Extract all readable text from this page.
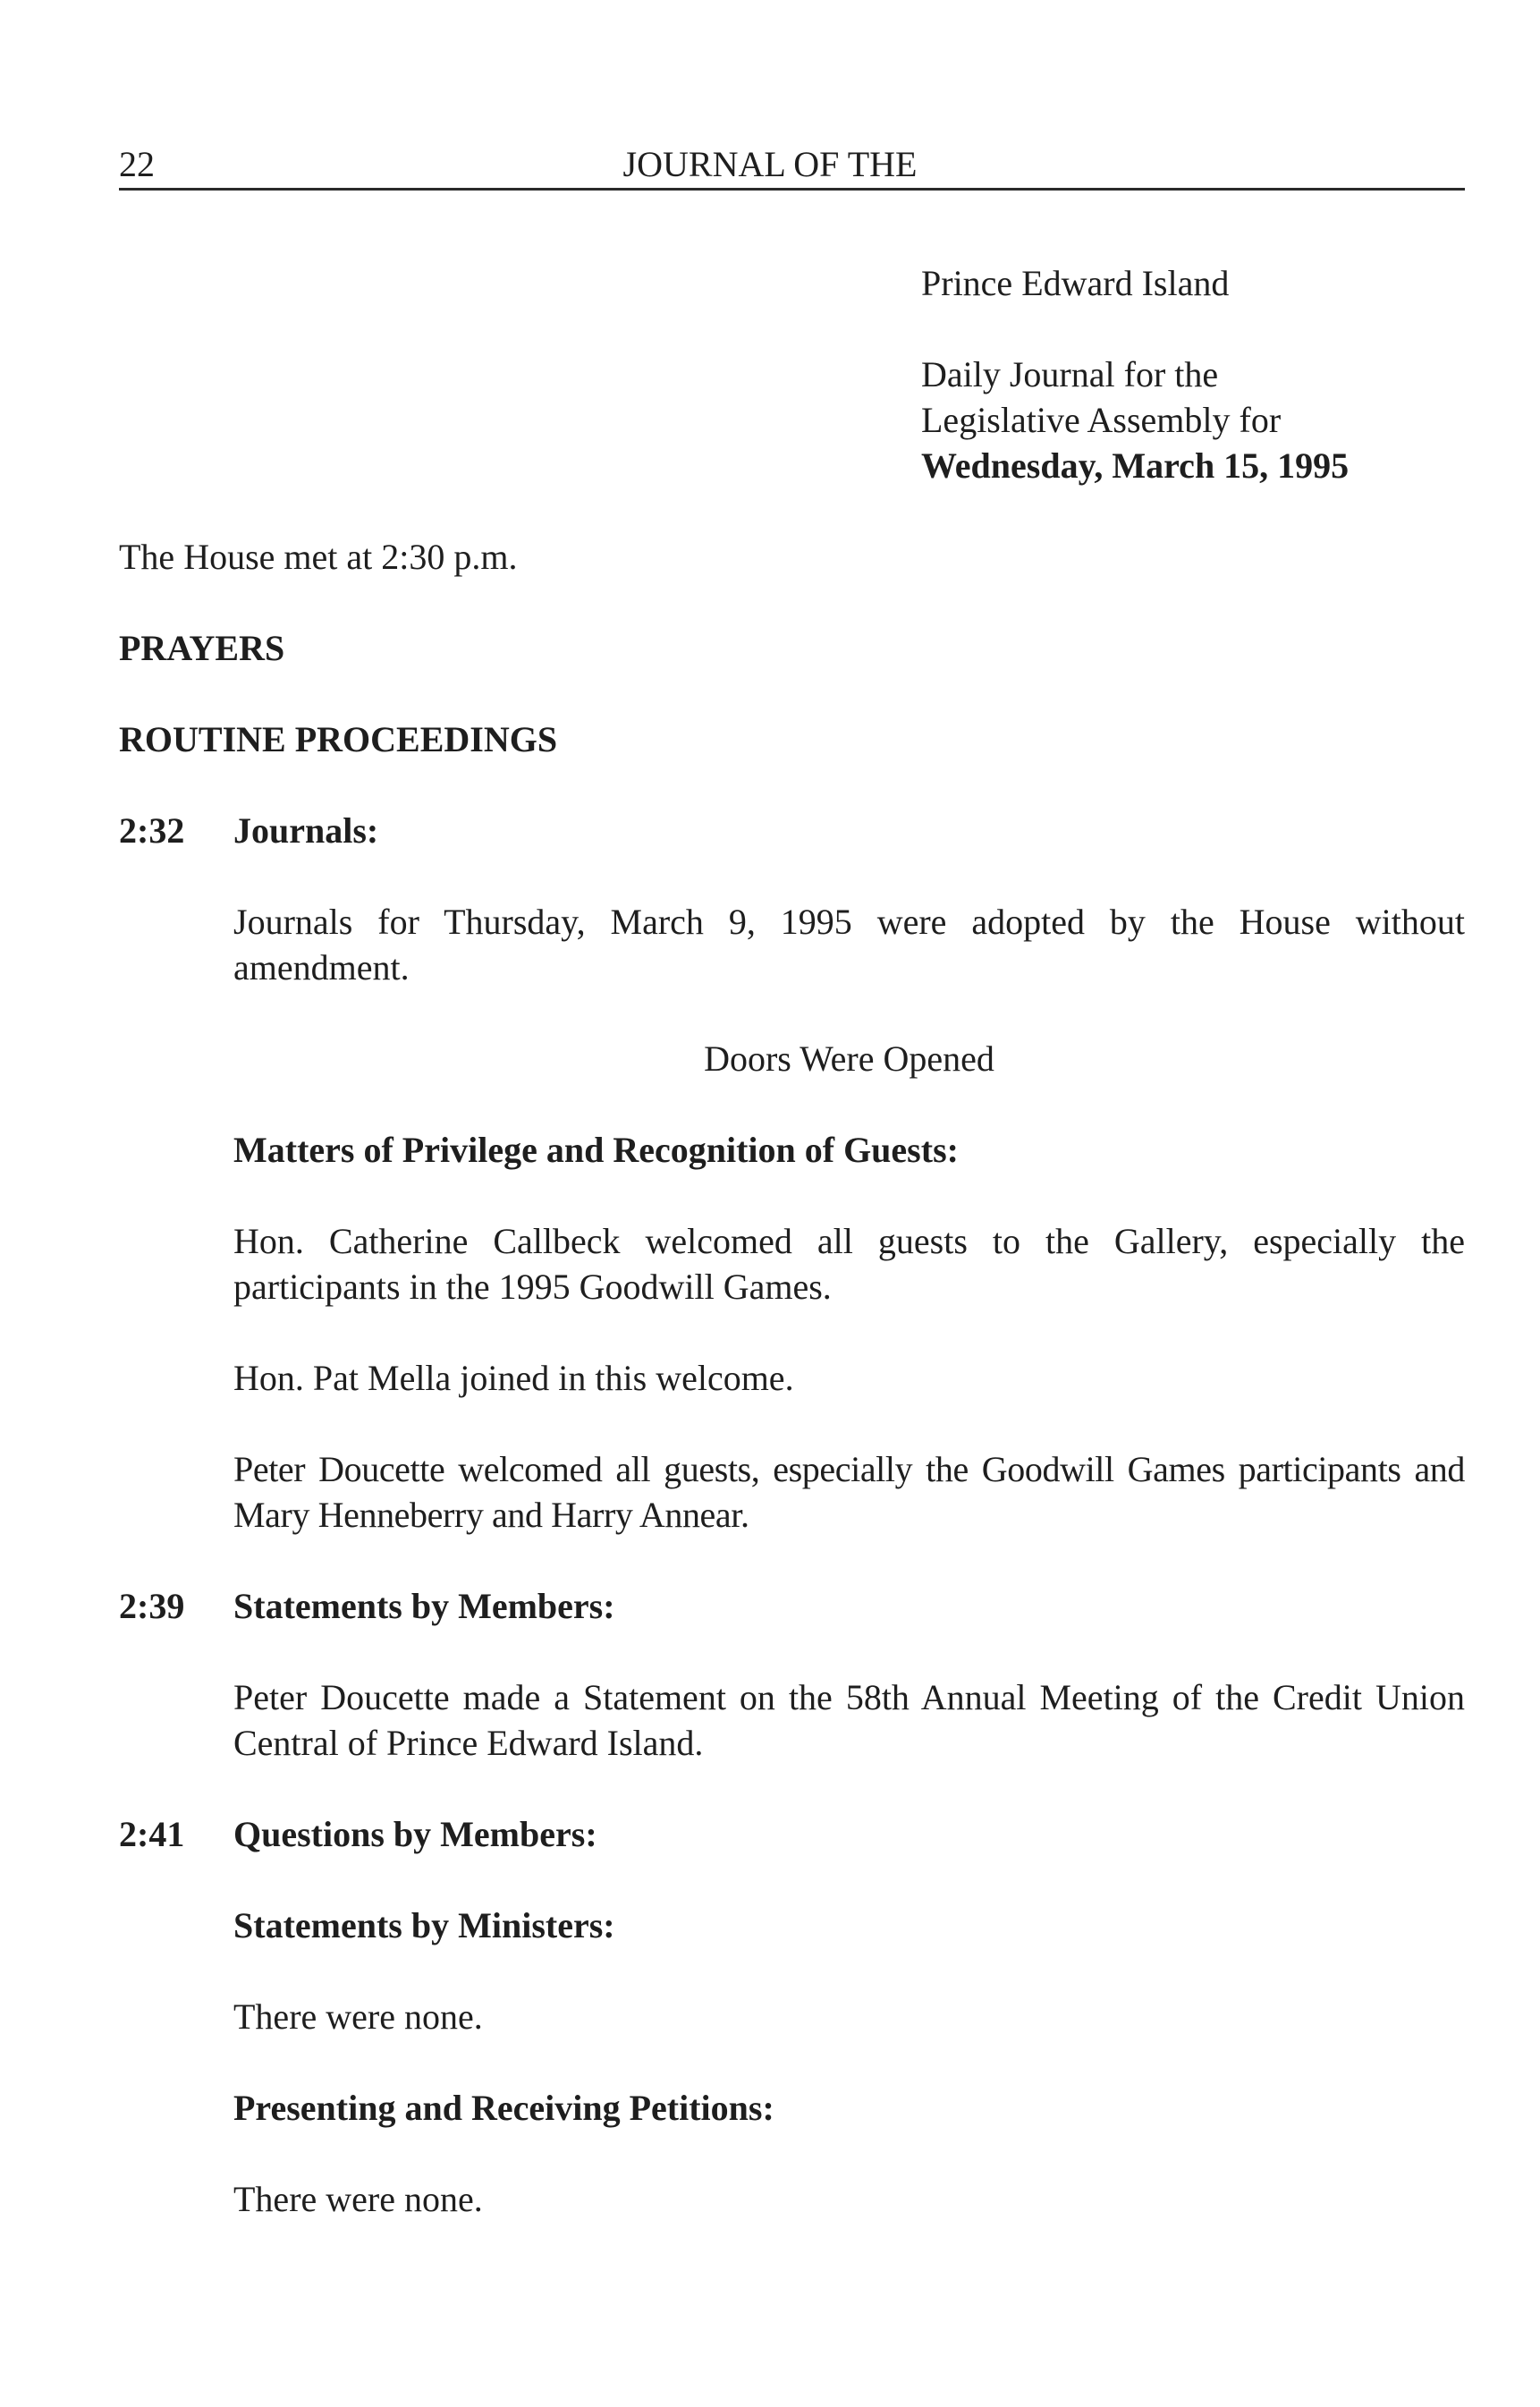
22	JOURNAL OF THE
Prince Edward Island
Daily Journal for the
Legislative Assembly for
Wednesday, March 15, 1995
The House met at 2:30 p.m.
PRAYERS
ROUTINE PROCEEDINGS
2:32 Journals:
Journals for Thursday, March 9, 1995 were adopted by the House without amendment.
Doors Were Opened
Matters of Privilege and Recognition of Guests:
Hon. Catherine Callbeck welcomed all guests to the Gallery, especially the participants in the 1995 Goodwill Games.
Hon. Pat Mella joined in this welcome.
Peter Doucette welcomed all guests, especially the Goodwill Games participants and Mary Henneberry and Harry Annear.
2:39 Statements by Members:
Peter Doucette made a Statement on the 58th Annual Meeting of the Credit Union Central of Prince Edward Island.
2:41 Questions by Members:
Statements by Ministers:
There were none.
Presenting and Receiving Petitions:
There were none.
